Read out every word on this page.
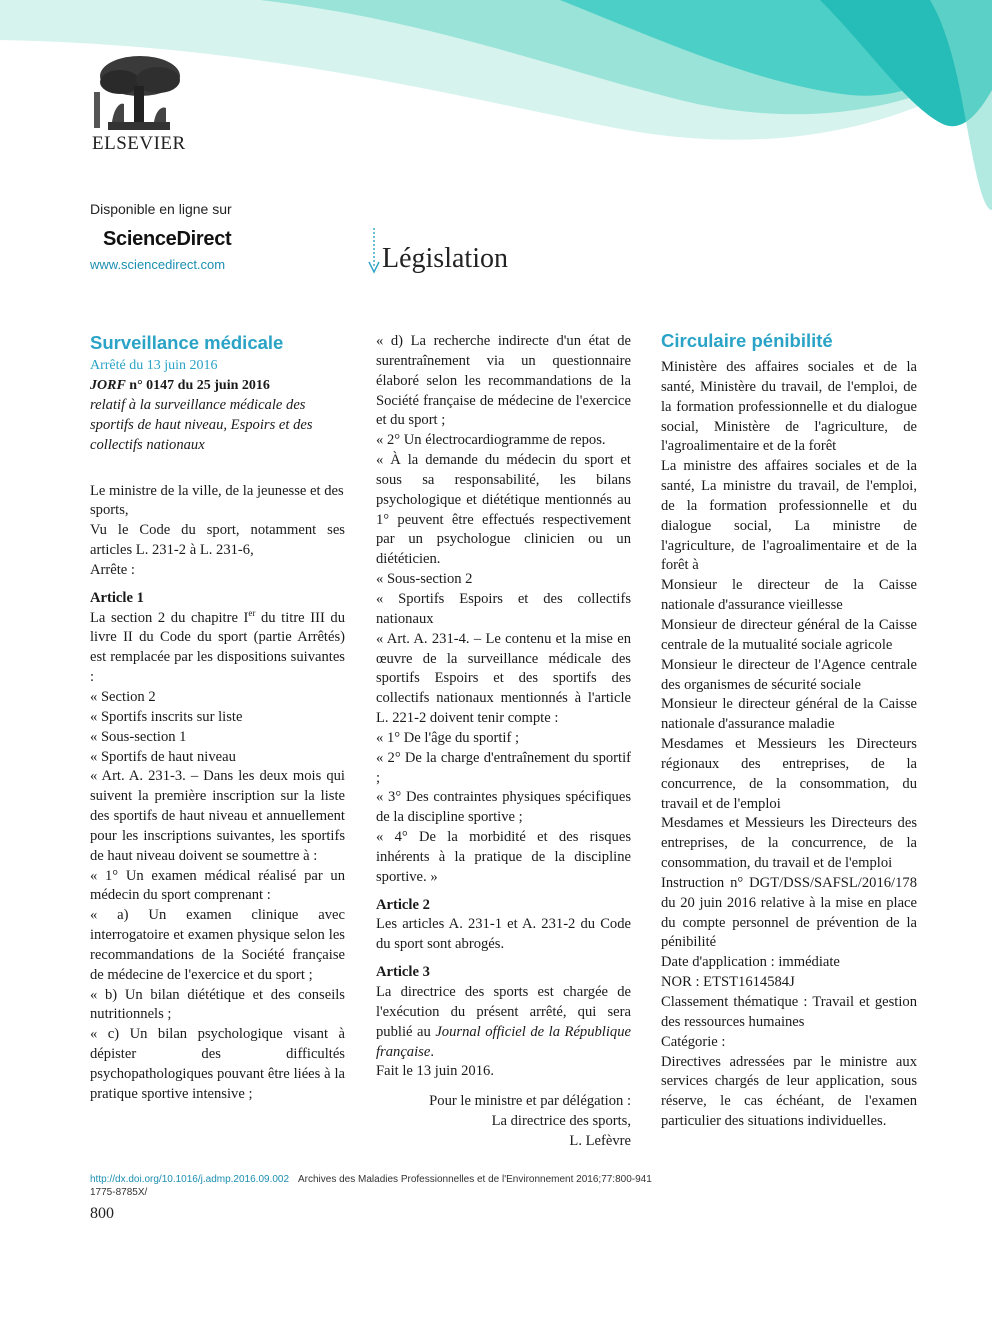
ELSEVIER
Disponible en ligne sur
ScienceDirect
www.sciencedirect.com	Législation
Surveillance médicale

Arrêté du 13 juin 2016

JORF n° 0147 du 25 juin 2016

relatif à la surveillance médicale des sportifs de haut niveau, Espoirs et des collectifs nationaux

Le ministre de la ville, de la jeunesse et des sports,

Vu le Code du sport, notamment ses articles L. 231-2 à L. 231-6,

Arrête :

Article 1

La section 2 du chapitre Ier du titre III du livre II du Code du sport (partie Arrêtés) est remplacée par les dispositions suivantes :

« Section 2

« Sportifs inscrits sur liste

« Sous-section 1

« Sportifs de haut niveau

« Art. A. 231-3. – Dans les deux mois qui suivent la première inscription sur la liste des sportifs de haut niveau et annuellement pour les inscriptions suivantes, les sportifs de haut niveau doivent se soumettre à :

« 1° Un examen médical réalisé par un médecin du sport comprenant :

« a) Un examen clinique avec interrogatoire et examen physique selon les recommandations de la Société française de médecine de l'exercice et du sport ;

« b) Un bilan diététique et des conseils nutritionnels ;

« c) Un bilan psychologique visant à dépister des difficultés psychopathologiques pouvant être liées à la pratique sportive intensive ;

« d) La recherche indirecte d'un état de surentraînement via un questionnaire élaboré selon les recommandations de la Société française de médecine de l'exercice et du sport ;

« 2° Un électrocardiogramme de repos.

« À la demande du médecin du sport et sous sa responsabilité, les bilans psychologique et diététique mentionnés au 1° peuvent être effectués respectivement par un psychologue clinicien ou un diététicien.

« Sous-section 2

« Sportifs Espoirs et des collectifs nationaux

« Art. A. 231-4. – Le contenu et la mise en œuvre de la surveillance médicale des sportifs Espoirs et des sportifs des collectifs nationaux mentionnés à l'article L. 221-2 doivent tenir compte :

« 1° De l'âge du sportif ;

« 2° De la charge d'entraînement du sportif ;

« 3° Des contraintes physiques spécifiques de la discipline sportive ;

« 4° De la morbidité et des risques inhérents à la pratique de la discipline sportive. »

Article 2

Les articles A. 231-1 et A. 231-2 du Code du sport sont abrogés.

Article 3

La directrice des sports est chargée de l'exécution du présent arrêté, qui sera publié au Journal officiel de la République française.

Fait le 13 juin 2016.

Pour le ministre et par délégation :

La directrice des sports,

L. Lefèvre

Circulaire pénibilité

Ministère des affaires sociales et de la santé, Ministère du travail, de l'emploi, de la formation professionnelle et du dialogue social, Ministère de l'agriculture, de l'agroalimentaire et de la forêt

La ministre des affaires sociales et de la santé, La ministre du travail, de l'emploi, de la formation professionnelle et du dialogue social, La ministre de l'agriculture, de l'agroalimentaire et de la forêt à

Monsieur le directeur de la Caisse nationale d'assurance vieillesse

Monsieur de directeur général de la Caisse centrale de la mutualité sociale agricole

Monsieur le directeur de l'Agence centrale des organismes de sécurité sociale

Monsieur le directeur général de la Caisse nationale d'assurance maladie

Mesdames et Messieurs les Directeurs régionaux des entreprises, de la concurrence, de la consommation, du travail et de l'emploi

Mesdames et Messieurs les Directeurs des entreprises, de la concurrence, de la consommation, du travail et de l'emploi

Instruction n° DGT/DSS/SAFSL/2016/178 du 20 juin 2016 relative à la mise en place du compte personnel de prévention de la pénibilité

Date d'application : immédiate

NOR : ETST1614584J

Classement thématique : Travail et gestion des ressources humaines

Catégorie :

Directives adressées par le ministre aux services chargés de leur application, sous réserve, le cas échéant, de l'examen particulier des situations individuelles.

http://dx.doi.org/10.1016/j.admp.2016.09.002 Archives des Maladies Professionnelles et de l'Environnement 2016;77:800-941
1775-8785X/
800
